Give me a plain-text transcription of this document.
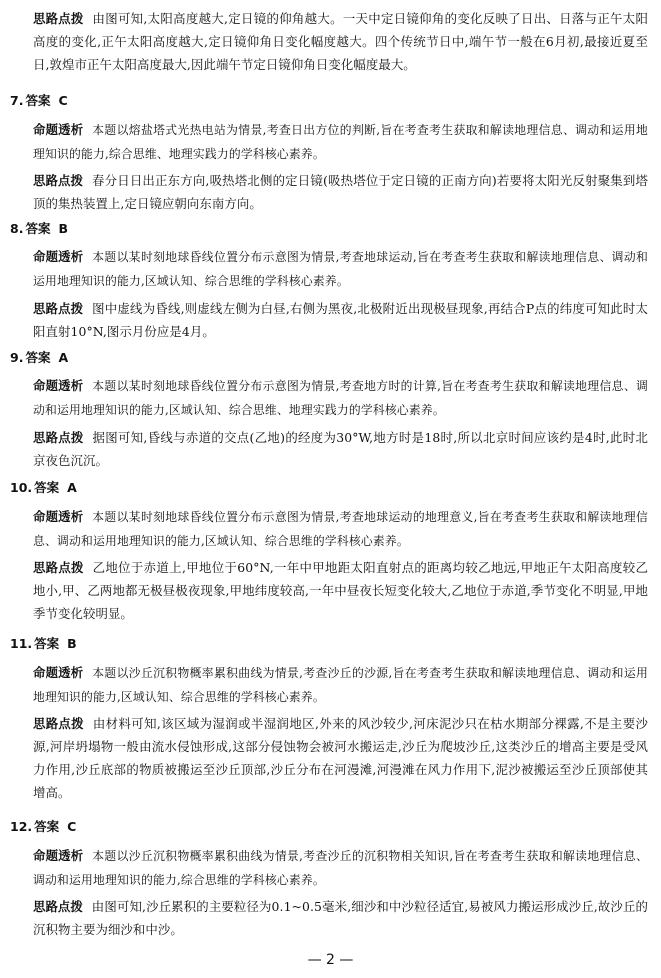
思路点拨 由图可知,太阳高度越大,定日镜的仰角越大。一天中定日镜仰角的变化反映了日出、日落与正午太阳高度的变化,正午太阳高度越大,定日镜仰角日变化幅度越大。四个传统节日中,端午节一般在6月初,最接近夏至日,敦煌市正午太阳高度最大,因此端午节定日镜仰角日变化幅度最大。
7. 答案 C
命题透析 本题以熔盐塔式光热电站为情景,考查日出方位的判断,旨在考查考生获取和解读地理信息、调动和运用地理知识的能力,综合思维、地理实践力的学科核心素养。
思路点拨 春分日日出正东方向,吸热塔北侧的定日镜(吸热塔位于定日镜的正南方向)若要将太阳光反射聚集到塔顶的集热装置上,定日镜应朝向东南方向。
8. 答案 B
命题透析 本题以某时刻地球昏线位置分布示意图为情景,考查地球运动,旨在考查考生获取和解读地理信息、调动和运用地理知识的能力,区域认知、综合思维的学科核心素养。
思路点拨 图中虚线为昏线,则虚线左侧为白昼,右侧为黑夜,北极附近出现极昼现象,再结合P点的纬度可知此时太阳直射10°N,图示月份应是4月。
9. 答案 A
命题透析 本题以某时刻地球昏线位置分布示意图为情景,考查地方时的计算,旨在考查考生获取和解读地理信息、调动和运用地理知识的能力,区域认知、综合思维、地理实践力的学科核心素养。
思路点拨 据图可知,昏线与赤道的交点(乙地)的经度为30°W,地方时是18时,所以北京时间应该约是4时,此时北京夜色沉沉。
10. 答案 A
命题透析 本题以某时刻地球昏线位置分布示意图为情景,考查地球运动的地理意义,旨在考查考生获取和解读地理信息、调动和运用地理知识的能力,区域认知、综合思维的学科核心素养。
思路点拨 乙地位于赤道上,甲地位于60°N,一年中甲地距太阳直射点的距离均较乙地远,甲地正午太阳高度较乙地小,甲、乙两地都无极昼极夜现象,甲地纬度较高,一年中昼夜长短变化较大,乙地位于赤道,季节变化不明显,甲地季节变化较明显。
11. 答案 B
命题透析 本题以沙丘沉积物概率累积曲线为情景,考查沙丘的沙源,旨在考查考生获取和解读地理信息、调动和运用地理知识的能力,区域认知、综合思维的学科核心素养。
思路点拨 由材料可知,该区域为湿润或半湿润地区,外来的风沙较少,河床泥沙只在枯水期部分裸露,不是主要沙源,河岸坍塌物一般由流水侵蚀形成,这部分侵蚀物会被河水搬运走,沙丘为爬坡沙丘,这类沙丘的增高主要是受风力作用,沙丘底部的物质被搬运至沙丘顶部,沙丘分布在河漫滩,河漫滩在风力作用下,泥沙被搬运至沙丘顶部使其增高。
12. 答案 C
命题透析 本题以沙丘沉积物概率累积曲线为情景,考查沙丘的沉积物相关知识,旨在考查考生获取和解读地理信息、调动和运用地理知识的能力,综合思维的学科核心素养。
思路点拨 由图可知,沙丘累积的主要粒径为0.1~0.5毫米,细沙和中沙粒径适宜,易被风力搬运形成沙丘,故沙丘的沉积物主要为细沙和中沙。
— 2 —
